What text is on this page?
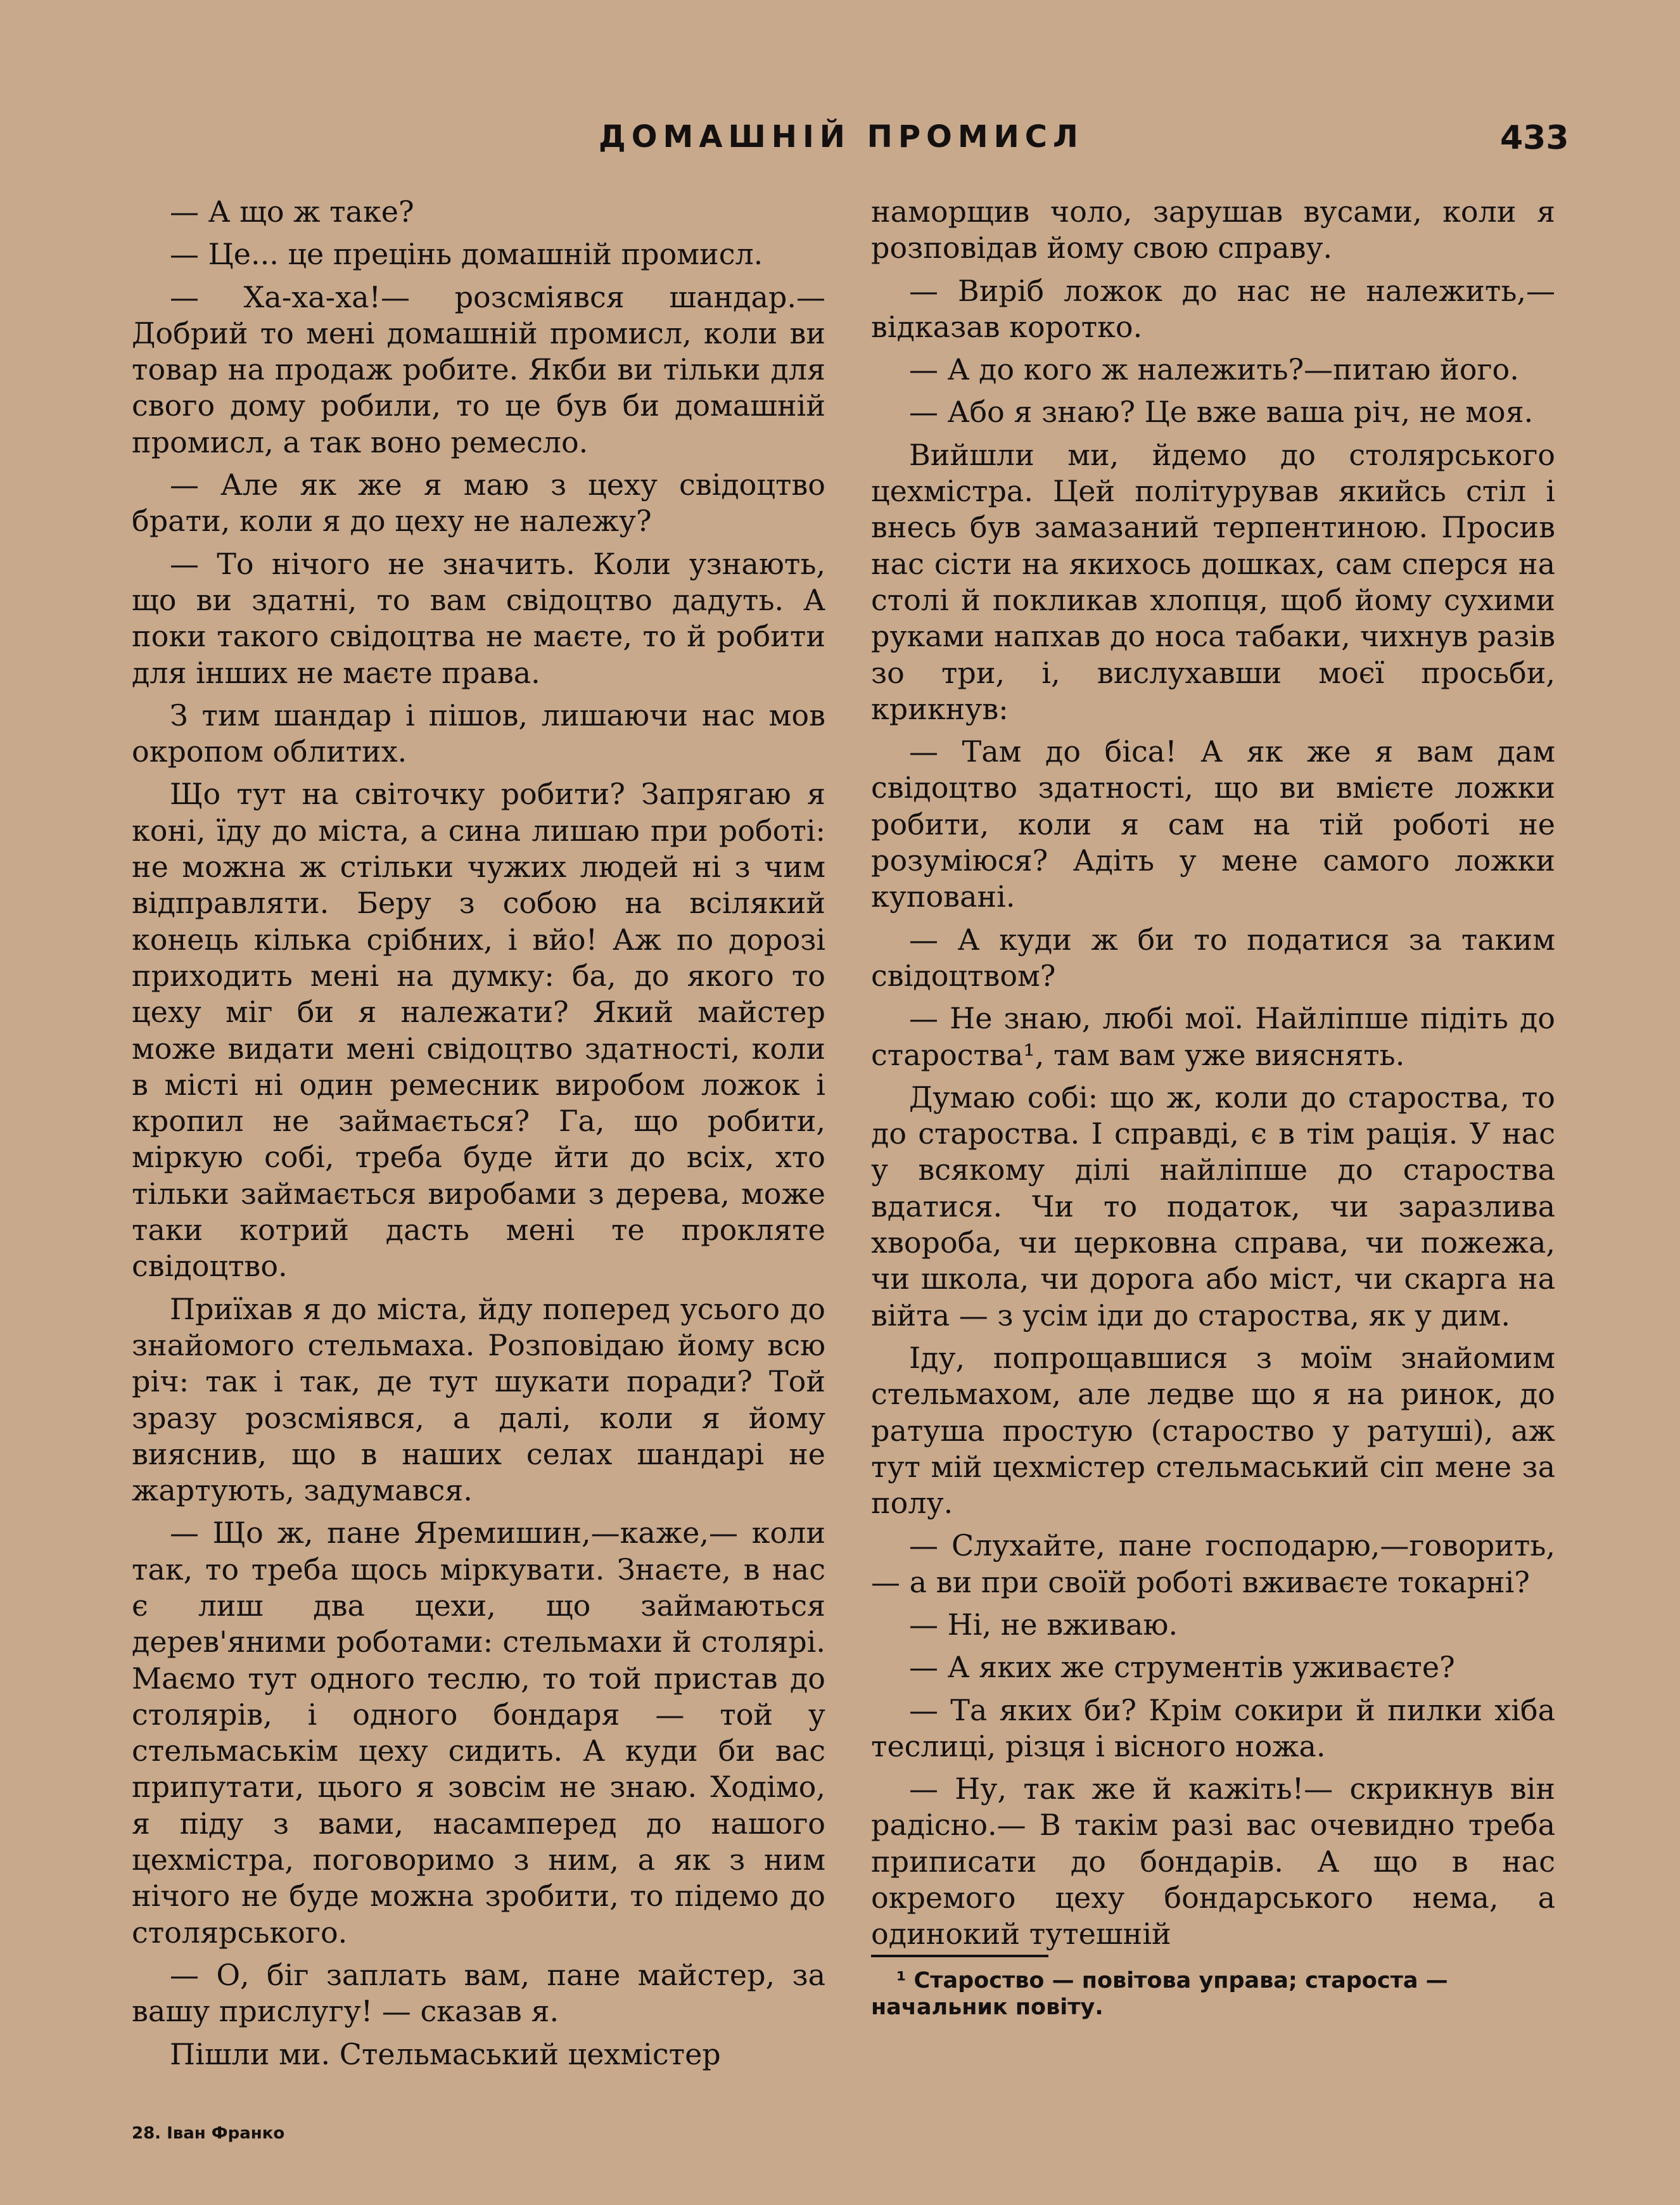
ДОМАШНІЙ ПРОМИСЛ	433

— А що ж таке?

— Це... це прецінь домашній промисл.

— Ха-ха-ха!— розсміявся шандар.— Добрий то мені домашній промисл, коли ви товар на продаж робите. Якби ви тільки для свого дому робили, то це був би домашній промисл, а так воно ремесло.

— Але як же я маю з цеху свідоцтво брати, коли я до цеху не належу?

— То нічого не значить. Коли узнають, що ви здатні, то вам свідоцтво дадуть. А поки такого свідоцтва не маєте, то й робити для інших не маєте права.

З тим шандар і пішов, лишаючи нас мов окропом облитих.

Що тут на світочку робити? Запрягаю я коні, їду до міста, а сина лишаю при роботі: не можна ж стільки чужих людей ні з чим відправляти. Беру з собою на всілякий конець кілька срібних, і вйо! Аж по дорозі приходить мені на думку: ба, до якого то цеху міг би я належати? Який майстер може видати мені свідоцтво здатності, коли в місті ні один ремесник виробом ложок і кропил не займається? Га, що робити, міркую собі, треба буде йти до всіх, хто тільки займається виробами з дерева, може таки котрий дасть мені те проклятe свідоцтво.

Приїхав я до міста, йду поперед усього до знайомого стельмаха. Розповідаю йому всю річ: так і так, де тут шукати поради? Той зразу розсміявся, а далі, коли я йому вияснив, що в наших селах шандарі не жартують, задумався.

— Що ж, пане Яремишин,—каже,— коли так, то треба щось міркувати. Знаєте, в нас є лиш два цехи, що займаються дерев'яними роботами: стельмахи й столярі. Маємо тут одного теслю, то той пристав до столярів, і одного бондаря — той у стельмаськім цеху сидить. А куди би вас припутати, цього я зовсім не знаю. Ходімо, я піду з вами, насамперед до нашого цехмістра, поговоримо з ним, а як з ним нічого не буде можна зробити, то підемо до столярського.

— О, біг заплать вам, пане майстер, за вашу прислугу! — сказав я.

Пішли ми. Стельмаський цехмістер

наморщив чоло, зарушав вусами, коли я розповідав йому свою справу.

— Виріб ложок до нас не належить,— відказав коротко.

— А до кого ж належить?—питаю його.

— Або я знаю? Це вже ваша річ, не моя.

Вийшли ми, йдемо до столярського цехмістра. Цей політурував якийсь стіл і внесь був замазаний терпентиною. Просив нас сісти на якихось дошках, сам сперся на столі й покликав хлопця, щоб йому сухими руками напхав до носа табаки, чихнув разів зо три, і, вислухавши моєї просьби, крикнув:

— Там до біса! А як же я вам дам свідоцтво здатності, що ви вмієте ложки робити, коли я сам на тій роботі не розуміюся? Адіть у мене самого ложки куповані.

— А куди ж би то податися за таким свідоцтвом?

— Не знаю, любі мої. Найліпше підіть до староства¹, там вам уже вияснять.

Думаю собі: що ж, коли до староства, то до староства. І справді, є в тім рація. У нас у всякому ділі найліпше до староства вдатися. Чи то податок, чи заразлива хвороба, чи церковна справа, чи пожежа, чи школа, чи дорога або міст, чи скарга на війта — з усім іди до староства, як у дим.

Іду, попрощавшися з моїм знайомим стельмахом, але ледве що я на ринок, до ратуша простую (староство у ратуші), аж тут мій цехмістер стельмаський сіп мене за полу.

— Слухайте, пане господарю,—говорить,— а ви при своїй роботі вживаєте токарні?

— Ні, не вживаю.

— А яких же струментів уживаєте?

— Та яких би? Крім сокири й пилки хіба теслиці, різця і вісного ножа.

— Ну, так же й кажіть!— скрикнув він радісно.— В такім разі вас очевидно треба приписати до бондарів. А що в нас окремого цеху бондарського нема, а одинокий тутешній

¹ Староство — повітова управа; староста — начальник повіту.
28. Іван Франко
